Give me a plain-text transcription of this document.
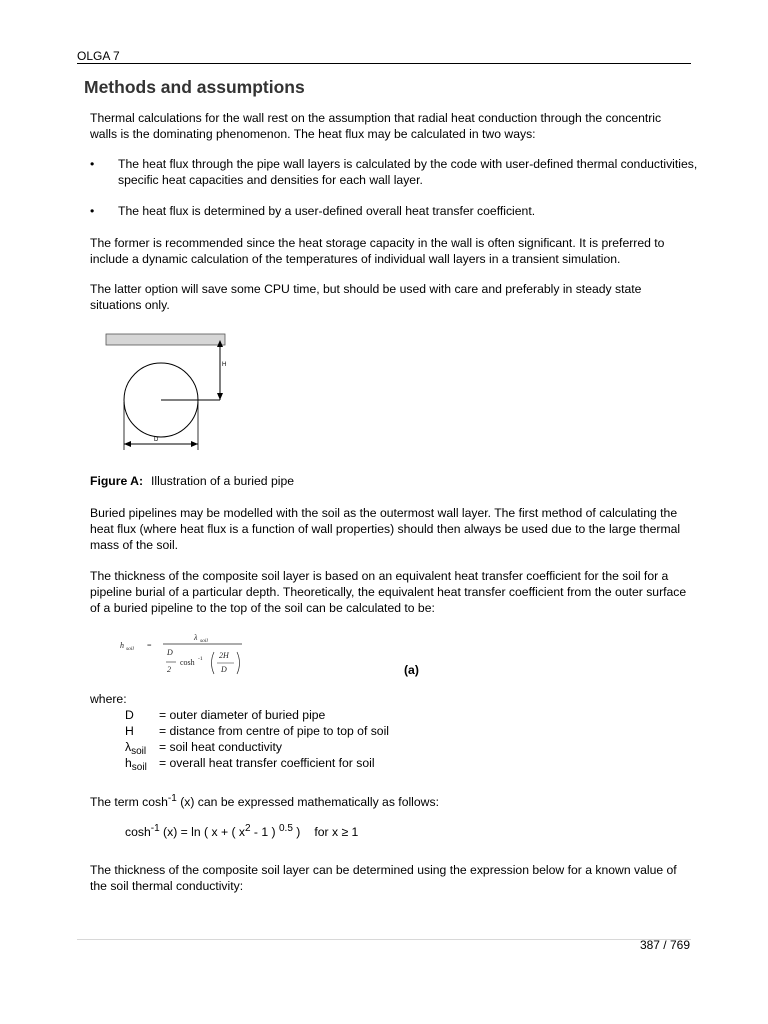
OLGA 7
Methods and assumptions

Thermal calculations for the wall rest on the assumption that radial heat conduction through the concentric walls is the dominating phenomenon. The heat flux may be calculated in two ways:

• The heat flux through the pipe wall layers is calculated by the code with user-defined thermal conductivities, specific heat capacities and densities for each wall layer.
• The heat flux is determined by a user-defined overall heat transfer coefficient.

The former is recommended since the heat storage capacity in the wall is often significant. It is preferred to include a dynamic calculation of the temperatures of individual wall layers in a transient simulation.

The latter option will save some CPU time, but should be used with care and preferably in steady state situations only.

H
D
Figure A: Illustration of a buried pipe

Buried pipelines may be modelled with the soil as the outermost wall layer. The first method of calculating the heat flux (where heat flux is a function of wall properties) should then always be used due to the large thermal mass of the soil.

The thickness of the composite soil layer is based on an equivalent heat transfer coefficient for the soil for a pipeline burial of a particular depth. Theoretically, the equivalent heat transfer coefficient from the outer surface of a buried pipeline to the top of the soil can be calculated to be:

h soil =
λ soil
D
2
cosh -1 2H
D	(a)
where:
D = outer diameter of buried pipe
H = distance from centre of pipe to top of soil
$\lambda_{soil}$ = soil heat conductivity
$h_{soil}$ = overall heat transfer coefficient for soil

The term $\cosh^{-1} (x)$ can be expressed mathematically as follows:

$\cosh^{-1} (x) = \ln$ ( x + ( $x^2 - 1$ ) $^{0.5}$ ) for x ≥ 1

The thickness of the composite soil layer can be determined using the expression below for a known value of the soil thermal conductivity:

387 / 769
